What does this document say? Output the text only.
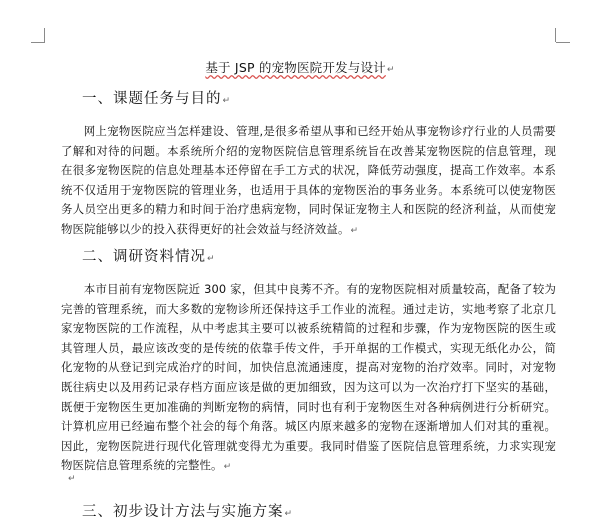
基于 JSP 的宠物医院开发与设计↵
一、课题任务与目的↵
网上宠物医院应当怎样建设、管理,是很多希望从事和已经开始从事宠物诊疗行业的人员需要了解和对待的问题。本系统所介绍的宠物医院信息管理系统旨在改善某宠物医院的信息管理，现在很多宠物医院的信息处理基本还停留在手工方式的状况，降低劳动强度，提高工作效率。本系统不仅适用于宠物医院的管理业务，也适用于具体的宠物医治的事务业务。本系统可以使宠物医务人员空出更多的精力和时间于治疗患病宠物，同时保证宠物主人和医院的经济利益，从而使宠物医院能够以少的投入获得更好的社会效益与经济效益。↵
二、调研资料情况↵
本市目前有宠物医院近 300 家，但其中良莠不齐。有的宠物医院相对质量较高，配备了较为完善的管理系统，而大多数的宠物诊所还保持这手工作业的流程。通过走访，实地考察了北京几家宠物医院的工作流程，从中考虑其主要可以被系统精简的过程和步骤，作为宠物医院的医生或其管理人员，最应该改变的是传统的依靠手传文件，手开单据的工作模式，实现无纸化办公，简化宠物的从登记到完成治疗的时间，加快信息流通速度，提高对宠物的治疗效率。同时，对宠物既往病史以及用药记录存档方面应该是做的更加细致，因为这可以为一次治疗打下坚实的基础，既便于宠物医生更加准确的判断宠物的病情，同时也有利于宠物医生对各种病例进行分析研究。计算机应用已经遍布整个社会的每个角落。城区内原来越多的宠物在逐渐增加人们对其的重视。因此，宠物医院进行现代化管理就变得尤为重要。我同时借鉴了医院信息管理系统，力求实现宠物医院信息管理系统的完整性。↵
↵
三、初步设计方法与实施方案↵
